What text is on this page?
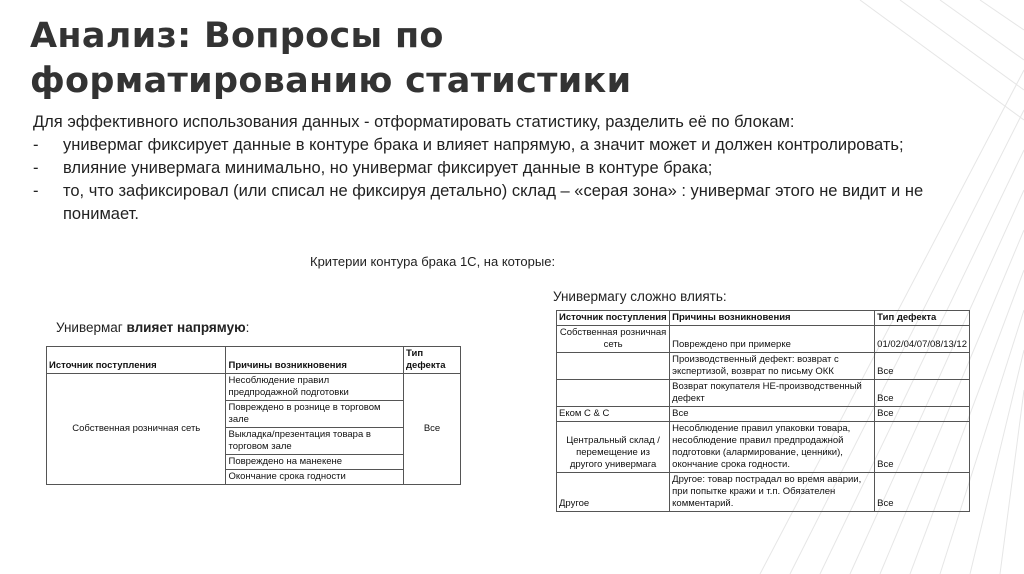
Анализ: Вопросы по форматированию статистики

Для эффективного использования данных - отформатировать статистику, разделить её по блокам:

-	универмаг фиксирует данные в контуре брака и влияет напрямую, а значит может и должен контролировать;
-	влияние универмага минимально, но универмаг фиксирует данные в контуре брака;
-	то, что зафиксировал (или списал не фиксируя детально) склад – «серая зона» : универмаг этого не видит и не понимает.
Критерии контура брака 1С, на которые:
Универмагу сложно влиять:
Универмаг влияет напрямую:
Источник поступления	Причины возникновения	Тип дефекта
Собственная розничная сеть	Несоблюдение правил предпродажной подготовки	Все
	Повреждено в рознице в торговом зале	
	Выкладка/презентация товара в торговом зале	
	Повреждено на манекене	
	Окончание срока годности	
Источник поступления	Причины возникновения	Тип дефекта
Собственная розничная сеть	Повреждено при примерке	01/02/04/07/08/13/12
	Производственный дефект: возврат с экспертизой, возврат по письму ОКК	Все
	Возврат покупателя НЕ-производственный дефект	Все
Еком С & С	Все	Все
Центральный склад / перемещение из другого универмага	Несоблюдение правил упаковки товара, несоблюдение правил предпродажной подготовки (алармирование, ценники), окончание срока годности.	Все
Другое	Другое: товар пострадал во время аварии, при попытке кражи и т.п. Обязателен комментарий.	Все
